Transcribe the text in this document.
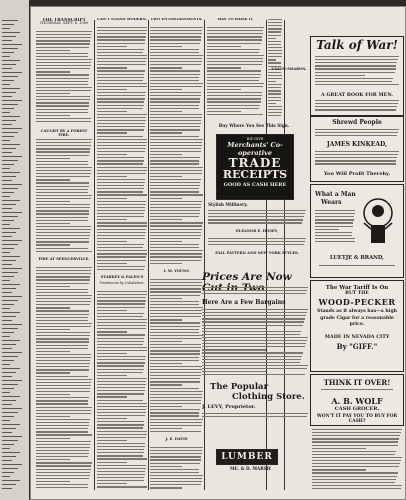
THE TRANSCRIPT
THURSDAY, SEPT. 6, 1900
CAUGHT BY A FOREST FIRE.
FIRE AT SPENCERVILLE.
CAN'T STAND MODERN.
STARKEY & PALEN'S
Treatment by Inhalation.
TWO ENTERTAINMENTS.
I. M. YOUNG
J. E. DAVIS
HAS TO RAISE IT
Buy Where You See This Sign.
WE GIVE
Merchants' Co-operative
TRADE
RECEIPTS
GOOD AS CASH HERE
Stylish Millinery.
ELEANOR E. HOSEY,
FALL PATTERN AND NEW YORK STYLES.
Prices Are Now
Here Are a Few Bargains
The Popular
Clothing Store.
J. LEVY, Proprietor.
LUMBER
ME. & D. MARSH
Talk of War!
A GREAT BOOK FOR MEN.
Shrewd People
JAMES KINKEAD,
You Will Profit Thereby.
What a Man
Wears
LUETJE & BRAND,
The War Tariff Is On
BUT THE
WOOD-PECKER
Stands as it always has—a high grade Cigar for a reasonable price.
MADE IN NEVADA CITY
By "GIFF."
THINK IT OVER!
A. B. WOLF
CASH GROCER.
WON'T IT PAY YOU TO BUY FOR CASH?
UNION-SHARON.
